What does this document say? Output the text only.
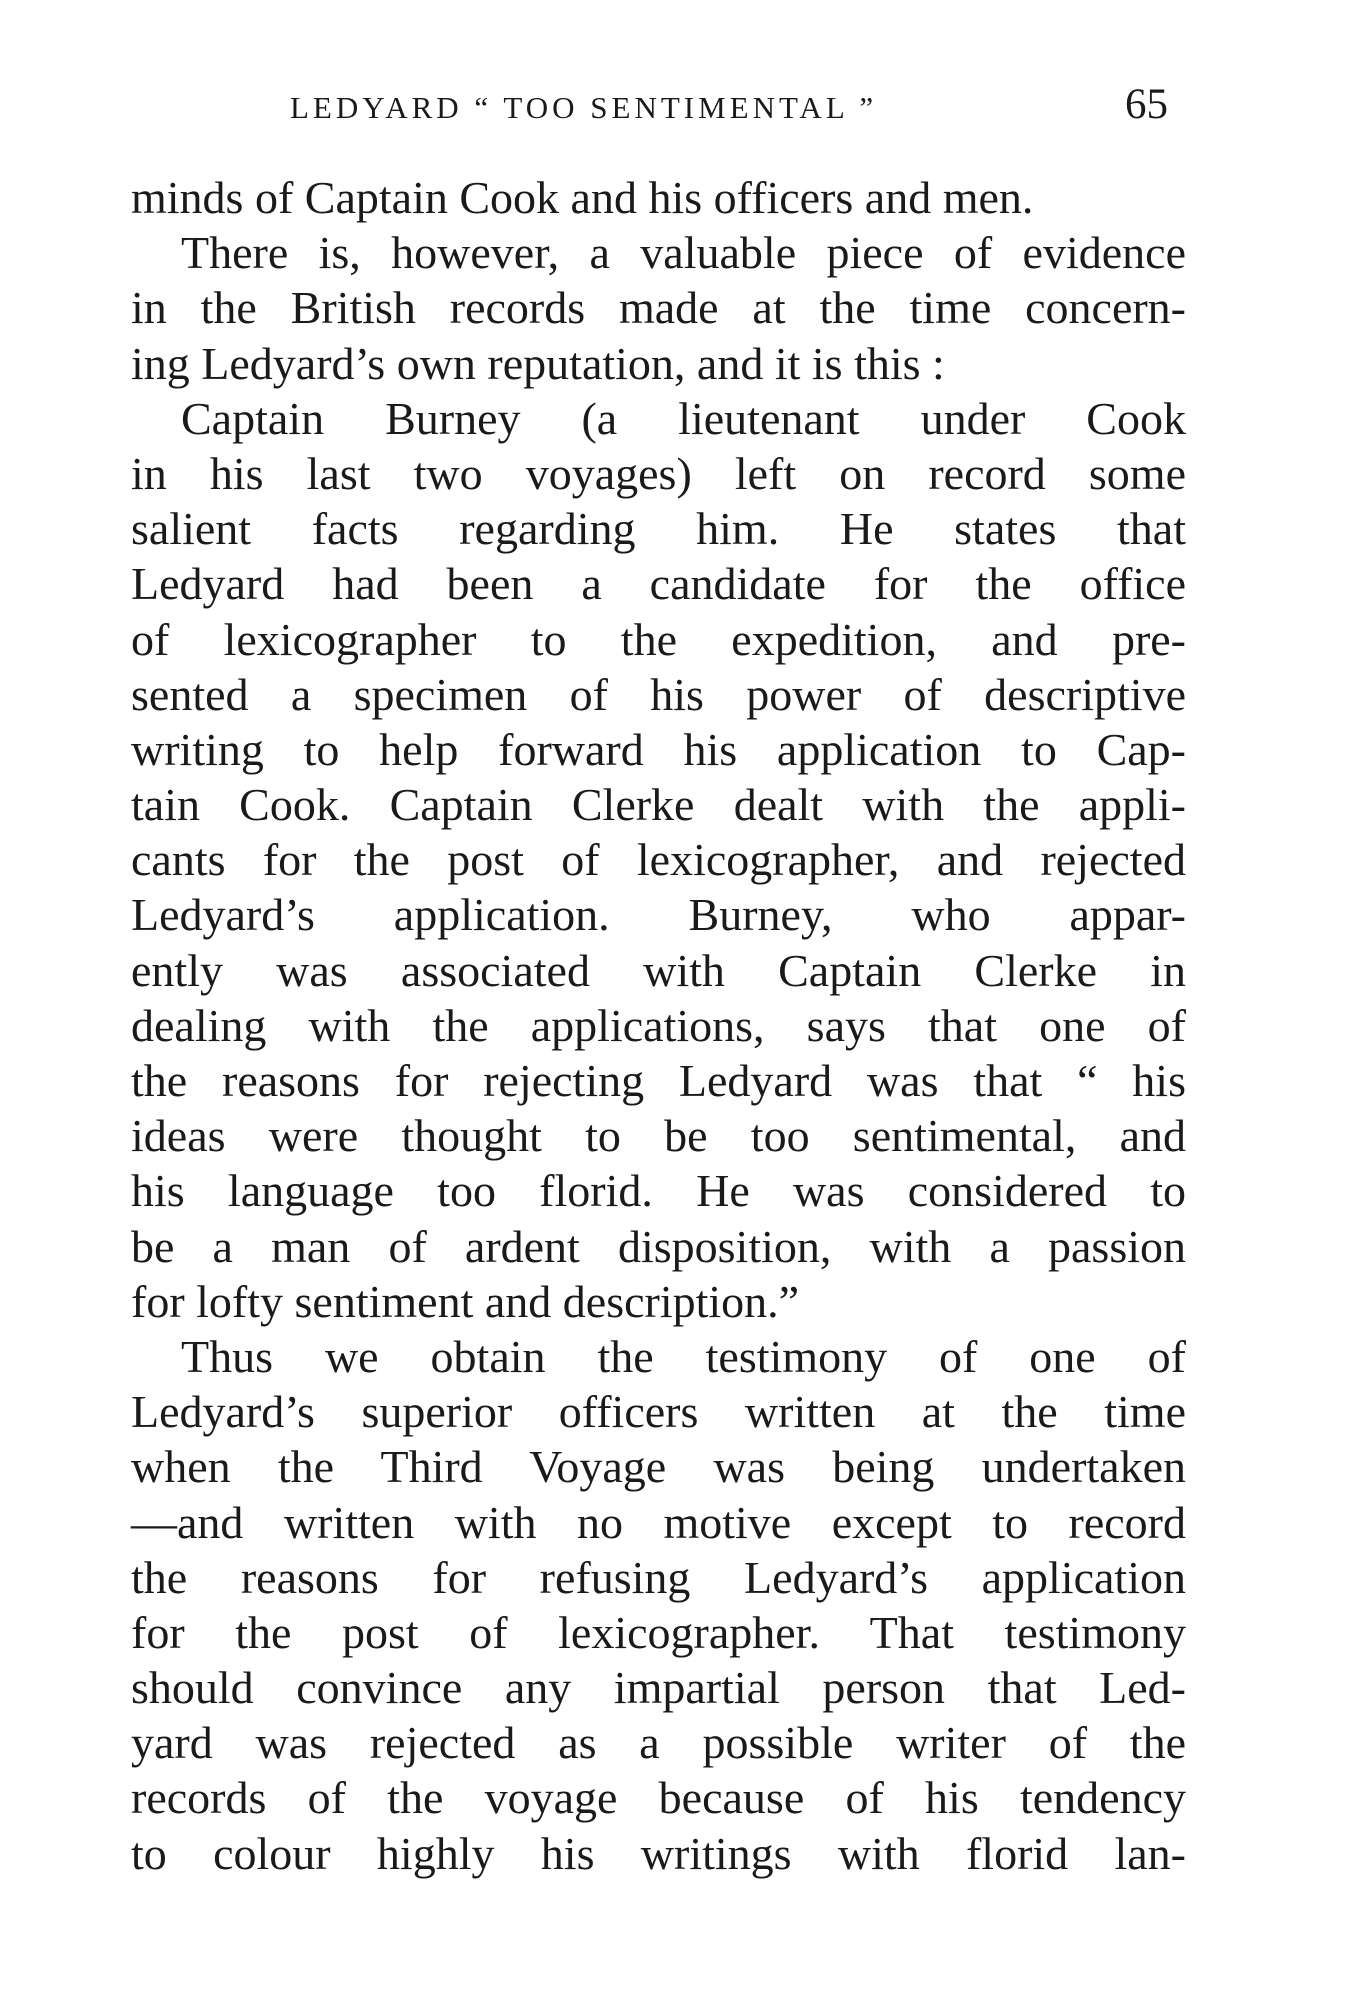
LEDYARD “ TOO SENTIMENTAL ”	65
minds of Captain Cook and his officers and men.
There is, however, a valuable piece of evidence
in the British records made at the time concern-
ing Ledyard’s own reputation, and it is this :
Captain Burney (a lieutenant under Cook
in his last two voyages) left on record some
salient facts regarding him. He states that
Ledyard had been a candidate for the office
of lexicographer to the expedition, and pre-
sented a specimen of his power of descriptive
writing to help forward his application to Cap-
tain Cook. Captain Clerke dealt with the appli-
cants for the post of lexicographer, and rejected
Ledyard’s application. Burney, who appar-
ently was associated with Captain Clerke in
dealing with the applications, says that one of
the reasons for rejecting Ledyard was that “ his
ideas were thought to be too sentimental, and
his language too florid. He was considered to
be a man of ardent disposition, with a passion
for lofty sentiment and description.”
Thus we obtain the testimony of one of
Ledyard’s superior officers written at the time
when the Third Voyage was being undertaken
—and written with no motive except to record
the reasons for refusing Ledyard’s application
for the post of lexicographer. That testimony
should convince any impartial person that Led-
yard was rejected as a possible writer of the
records of the voyage because of his tendency
to colour highly his writings with florid lan-
